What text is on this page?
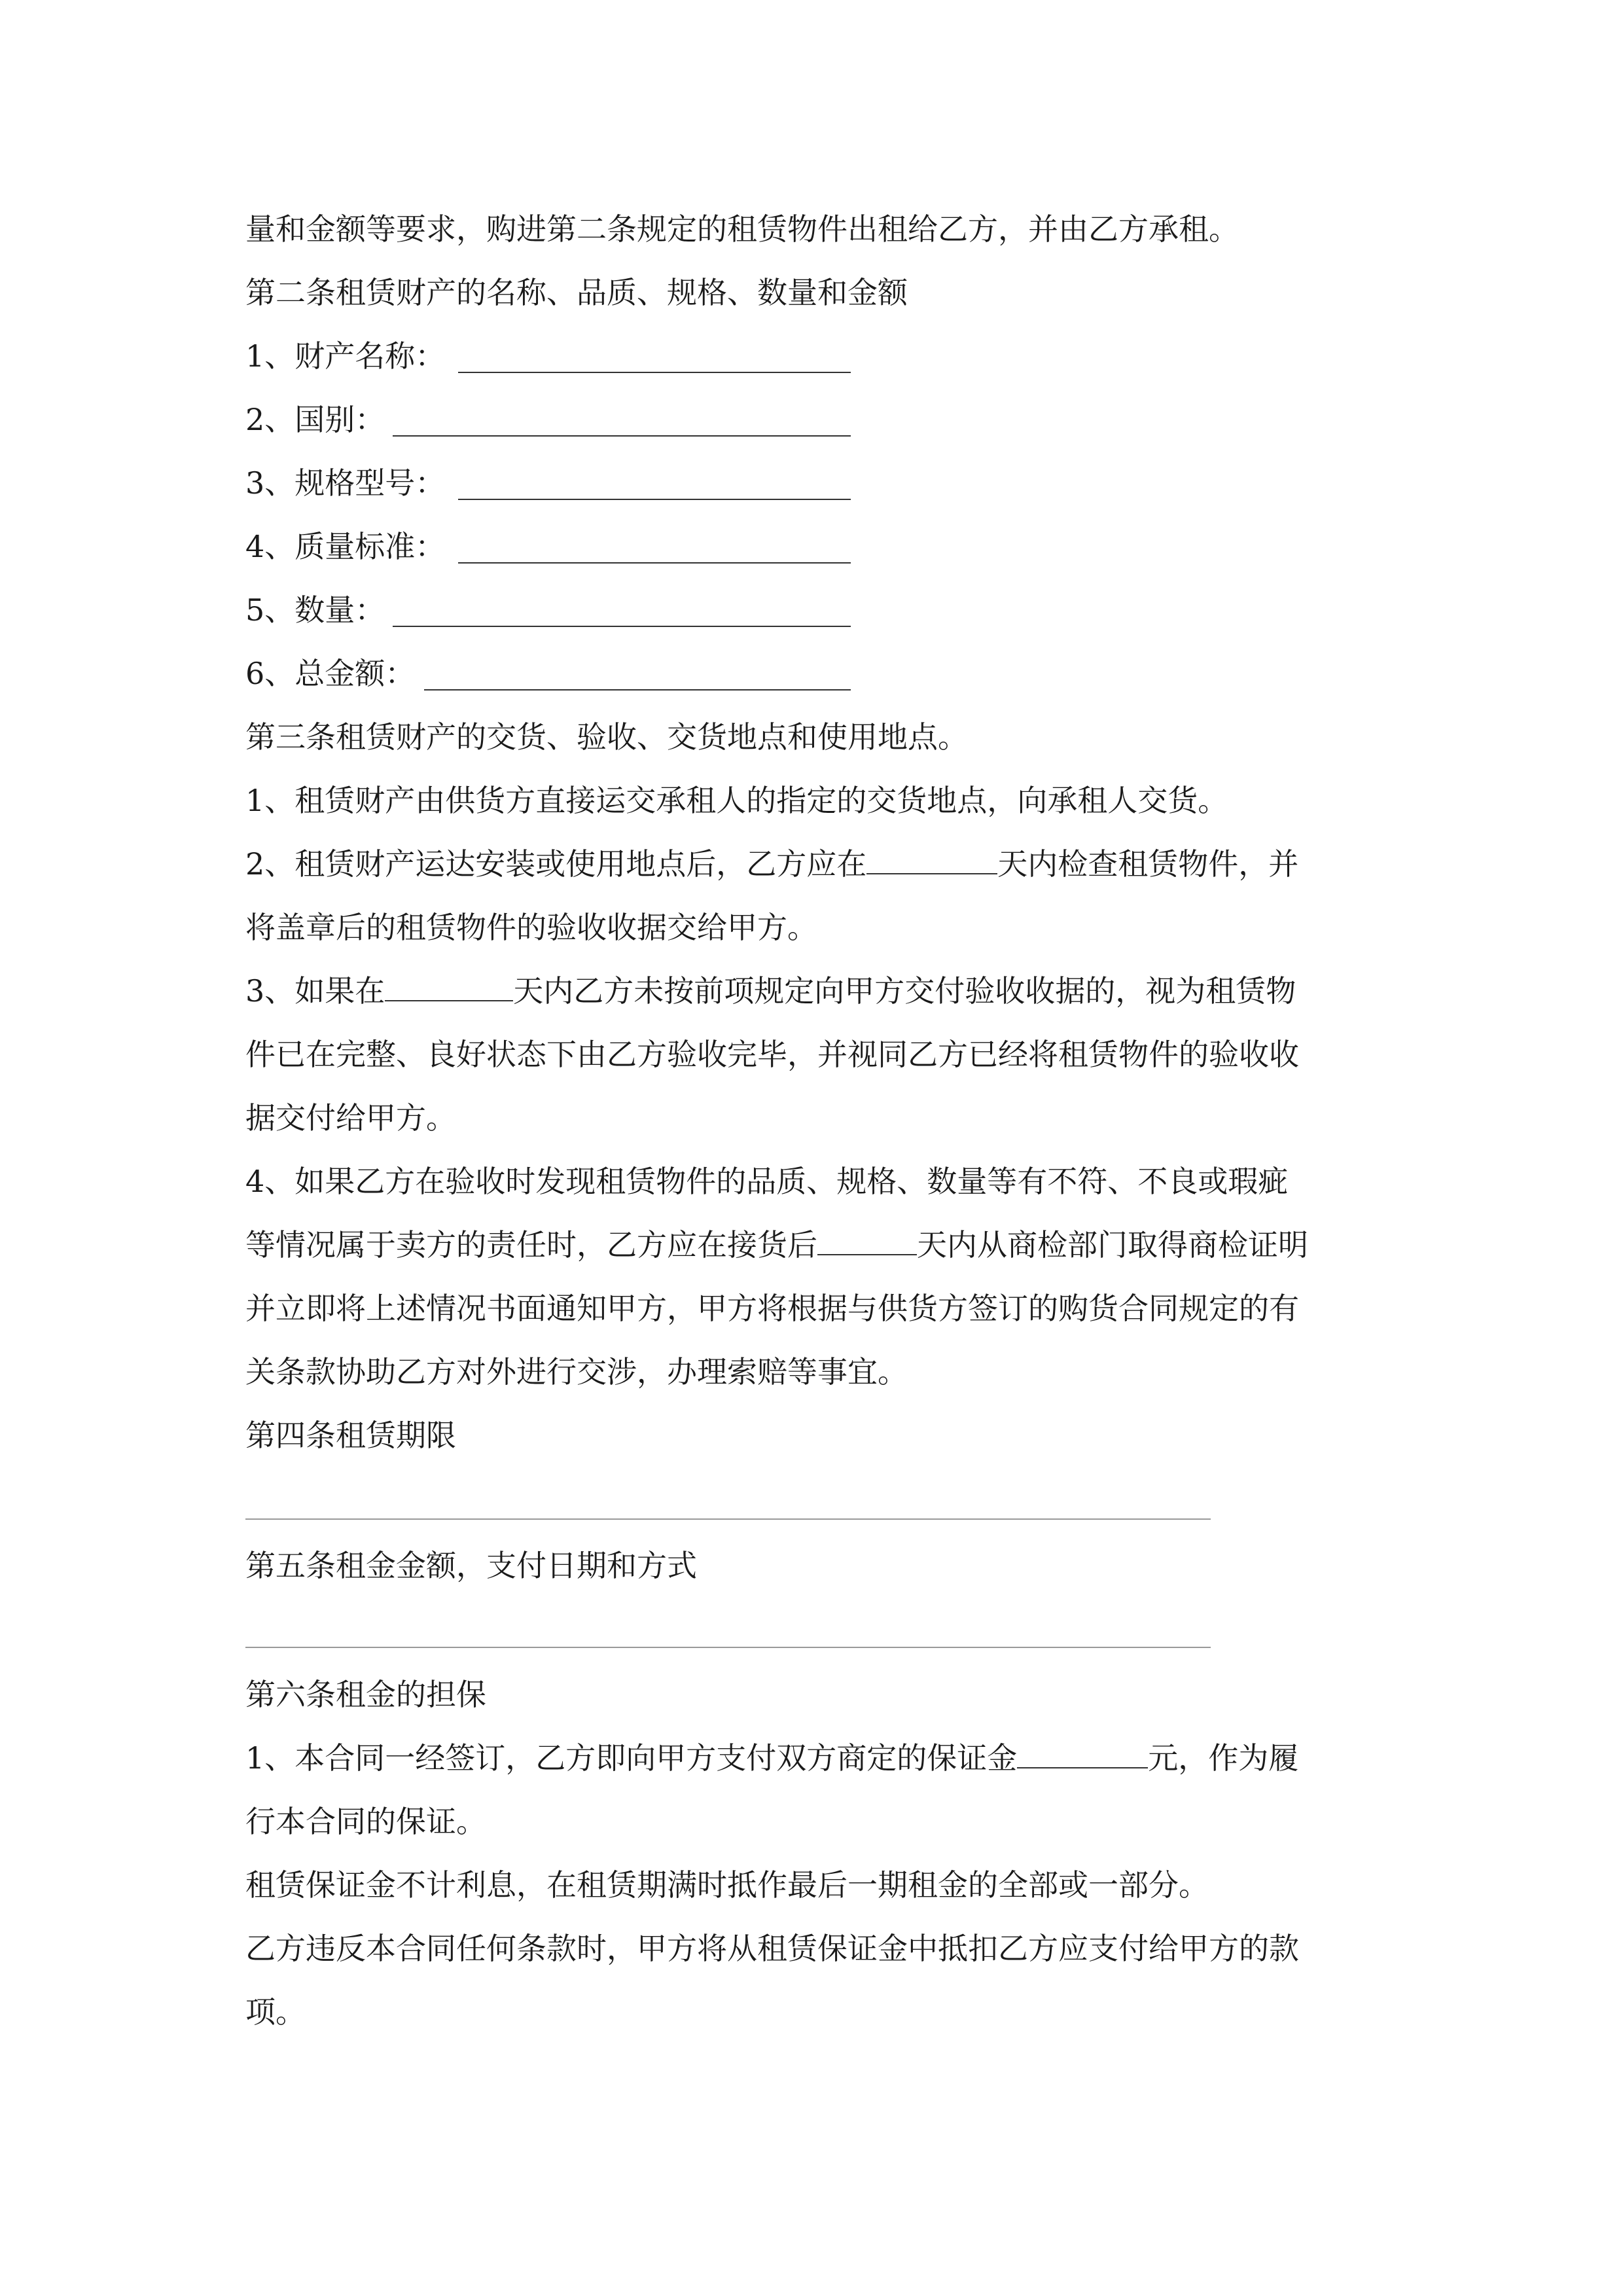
量和金额等要求，购进第二条规定的租赁物件出租给乙方，并由乙方承租。
第二条租赁财产的名称、品质、规格、数量和金额
1、财产名称：
2、国别：
3、规格型号：
4、质量标准：
5、数量：
6、总金额：
第三条租赁财产的交货、验收、交货地点和使用地点。
1、租赁财产由供货方直接运交承租人的指定的交货地点，向承租人交货。
2、租赁财产运达安装或使用地点后，乙方应在	天内检查租赁物件，并
将盖章后的租赁物件的验收收据交给甲方。
3、如果在	天内乙方未按前项规定向甲方交付验收收据的，视为租赁物
件已在完整、良好状态下由乙方验收完毕，并视同乙方已经将租赁物件的验收收
据交付给甲方。
4、如果乙方在验收时发现租赁物件的品质、规格、数量等有不符、不良或瑕疵
等情况属于卖方的责任时，乙方应在接货后	天内从商检部门取得商检证明
并立即将上述情况书面通知甲方，甲方将根据与供货方签订的购货合同规定的有
关条款协助乙方对外进行交涉，办理索赔等事宜。
第四条租赁期限
第五条租金金额，支付日期和方式
第六条租金的担保
1、本合同一经签订，乙方即向甲方支付双方商定的保证金	元，作为履
行本合同的保证。
租赁保证金不计利息，在租赁期满时抵作最后一期租金的全部或一部分。
乙方违反本合同任何条款时，甲方将从租赁保证金中抵扣乙方应支付给甲方的款
项。
